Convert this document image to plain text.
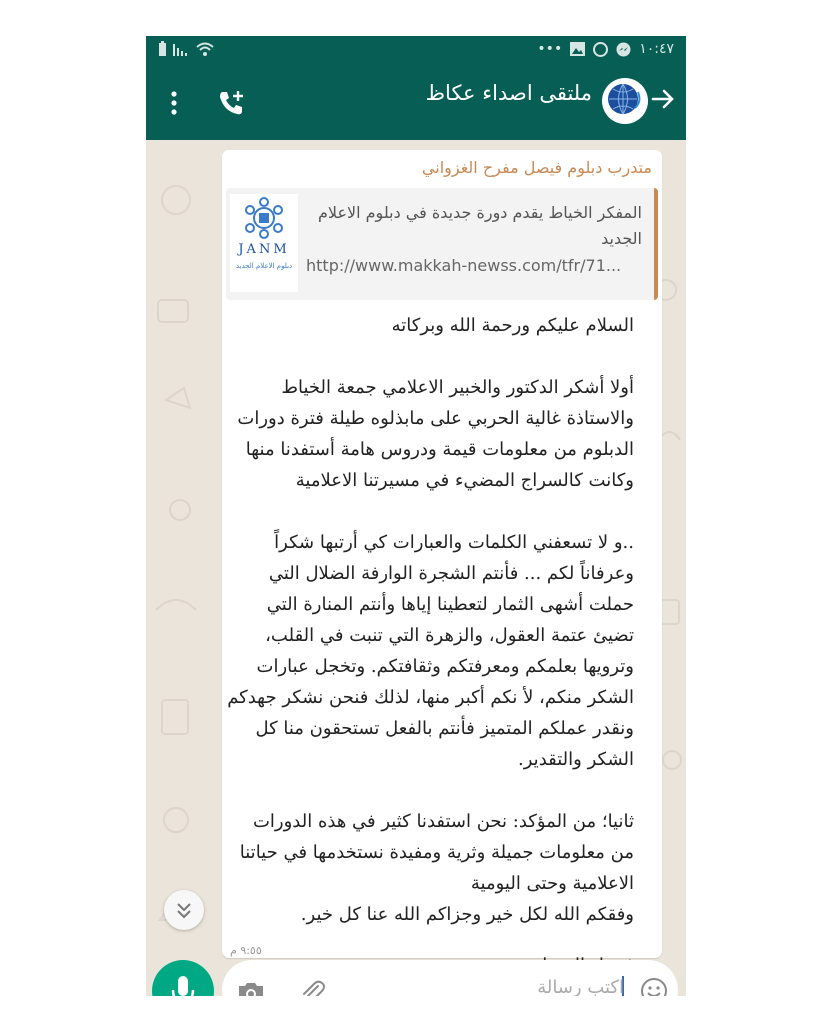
•••	١٠:٤٧
ملتقى اصداء عكاظ
متدرب دبلوم فيصل مفرح الغزواني
JANM
دبلوم الاعلام الجديد
المفكر الخياط يقدم دورة جديدة في دبلوم الاعلام الجديد
http://www.makkah-newss.com/tfr/71...

السلام عليكم ورحمة الله وبركاته

أولا أشكر الدكتور والخبير الاعلامي جمعة الخياط والاستاذة غالية الحربي على مابذلوه طيلة فترة دورات الدبلوم من معلومات قيمة ودروس هامة أستفدنا منها وكانت كالسراج المضيء في مسيرتنا الاعلامية

..و لا تسعفني الكلمات والعبارات كي أرتبها شكراً وعرفاناً لكم ... فأنتم الشجرة الوارفة الضلال التي حملت أشهى الثمار لتعطينا إياها وأنتم المنارة التي تضيئ عتمة العقول، والزهرة التي تنبت في القلب، وترويها بعلمكم ومعرفتكم وثقافتكم. وتخجل عبارات الشكر منكم، لأ نكم أكبر منها، لذلك فنحن نشكر جهدكم ونقدر عملكم المتميز فأنتم بالفعل تستحقون منا كل الشكر والتقدير.

ثانيا؛ من المؤكد: نحن استفدنا كثير في هذه الدورات من معلومات جميلة وثرية ومفيدة نستخدمها في حياتنا الاعلامية وحتى اليومية

وفقكم الله لكل خير وجزاكم الله عنا كل خير.

٩:٥٥ م
اكتب رسالة
